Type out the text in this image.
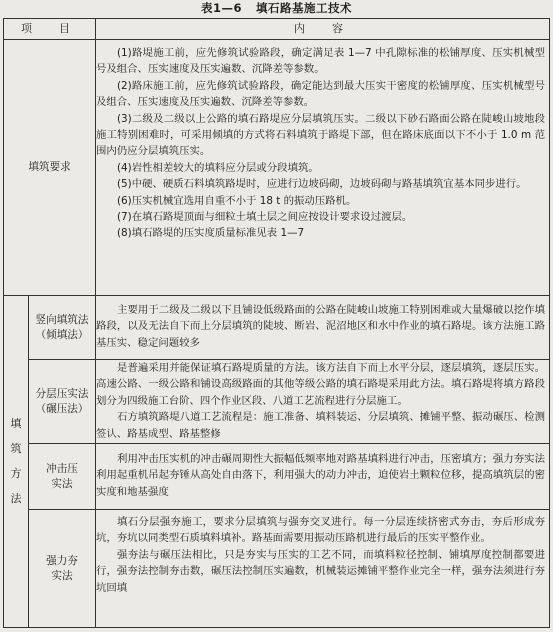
表1—6 填石路基施工技术
项　目	内　容
填筑要求

(1)路堤施工前，应先修筑试验路段，确定满足表 1—7 中孔隙标准的松铺厚度、压实机械型号及组合、压实速度及压实遍数、沉降差等参数。

(2)路床施工前，应先修筑试验路段，确定能达到最大压实干密度的松铺厚度、压实机械型号及组合、压实速度及压实遍数、沉降差等参数。

(3)二级及二级以上公路的填石路堤应分层填筑压实。二级以下砂石路面公路在陡峻山坡地段施工特别困难时，可采用倾填的方式将石料填筑于路堤下部，但在路床底面以下不小于 1.0 m 范围内仍应分层填筑压实。

(4)岩性相差较大的填料应分层或分段填筑。

(5)中硬、硬质石料填筑路堤时，应进行边坡码砌，边坡码砌与路基填筑宜基本同步进行。

(6)压实机械宜选用自重不小于 18 t 的振动压路机。

(7)在填石路堤顶面与细粒土填土层之间应按设计要求设过渡层。

(8)填石路堤的压实度质量标准见表 1—7

填
筑
方
法
竖向填筑法
（倾填法）

主要用于二级及二级以下且铺设低级路面的公路在陡峻山坡施工特别困难或大量爆破以挖作填路段，以及无法自下而上分层填筑的陡坡、断岩、泥沼地区和水中作业的填石路堤。该方法施工路基压实、稳定问题较多

分层压实法
（碾压法）

是普遍采用并能保证填石路堤质量的方法。该方法自下而上水平分层，逐层填筑，逐层压实。高速公路、一级公路和铺设高级路面的其他等级公路的填石路堤采用此方法。填石路堤将填方路段划分为四级施工台阶、四个作业区段、八道工艺流程进行分层施工。

石方填筑路堤八道工艺流程是：施工准备、填料装运、分层填筑、摊铺平整、振动碾压、检测签认、路基成型、路基整修

冲击压
实法

利用冲击压实机的冲击碾周期性大振幅低频率地对路基填料进行冲击，压密填方；强力夯实法利用起重机吊起夯锤从高处自由落下，利用强大的动力冲击，迫使岩土颗粒位移，提高填筑层的密实度和地基强度

强力夯
实法

填石分层强夯施工，要求分层填筑与强夯交叉进行。每一分层连续挤密式夯击，夯后形成夯坑，夯坑以同类型石质填料填补。路基面需要用振动压路机进行最后的压实平整作业。

强夯法与碾压法相比，只是夯实与压实的工艺不同，而填料粒径控制、铺填厚度控制都要进行，强夯法控制夯击数，碾压法控制压实遍数，机械装运摊铺平整作业完全一样，强夯法须进行夯坑回填
